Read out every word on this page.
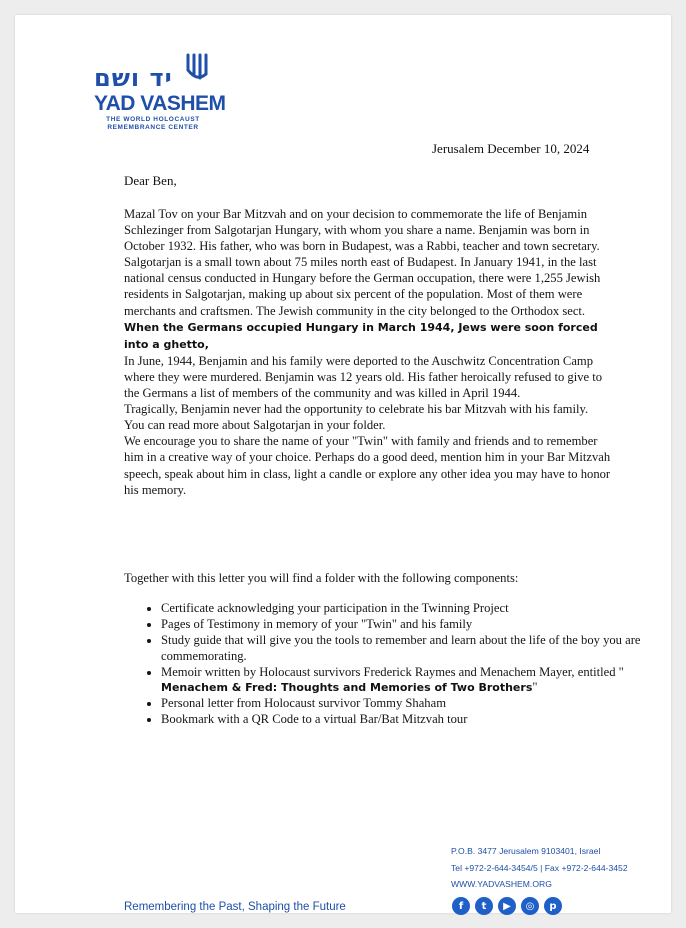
יד ושם
YAD VASHEM
THE WORLD HOLOCAUST REMEMBRANCE CENTER
Jerusalem December 10, 2024
Dear Ben,

Mazal Tov on your Bar Mitzvah and on your decision to commemorate the life of Benjamin Schlezinger from Salgotarjan Hungary, with whom you share a name. Benjamin was born in October 1932. His father, who was born in Budapest, was a Rabbi, teacher and town secretary.

Salgotarjan is a small town about 75 miles north east of Budapest. In January 1941, in the last national census conducted in Hungary before the German occupation, there were 1,255 Jewish residents in Salgotarjan, making up about six percent of the population. Most of them were merchants and craftsmen. The Jewish community in the city belonged to the Orthodox sect. When the Germans occupied Hungary in March 1944, Jews were soon forced into a ghetto,

In June, 1944, Benjamin and his family were deported to the Auschwitz Concentration Camp where they were murdered. Benjamin was 12 years old. His father heroically refused to give to the Germans a list of members of the community and was killed in April 1944.

Tragically, Benjamin never had the opportunity to celebrate his bar Mitzvah with his family.

You can read more about Salgotarjan in your folder.

We encourage you to share the name of your "Twin" with family and friends and to remember him in a creative way of your choice. Perhaps do a good deed, mention him in your Bar Mitzvah speech, speak about him in class, light a candle or explore any other idea you may have to honor his memory.

Together with this letter you will find a folder with the following components:
• Certificate acknowledging your participation in the Twinning Project
• Pages of Testimony in memory of your "Twin" and his family
• Study guide that will give you the tools to remember and learn about the life of the boy you are commemorating.
• Memoir written by Holocaust survivors Frederick Raymes and Menachem Mayer, entitled " Menachem & Fred: Thoughts and Memories of Two Brothers"
• Personal letter from Holocaust survivor Tommy Shaham
• Bookmark with a QR Code to a virtual Bar/Bat Mitzvah tour
P.O.B. 3477 Jerusalem 9103401, Israel
Tel +972-2-644-3454/5 | Fax +972-2-644-3452
WWW.YADVASHEM.ORG
Remembering the Past, Shaping the Future	f	t	▶	◎	p
